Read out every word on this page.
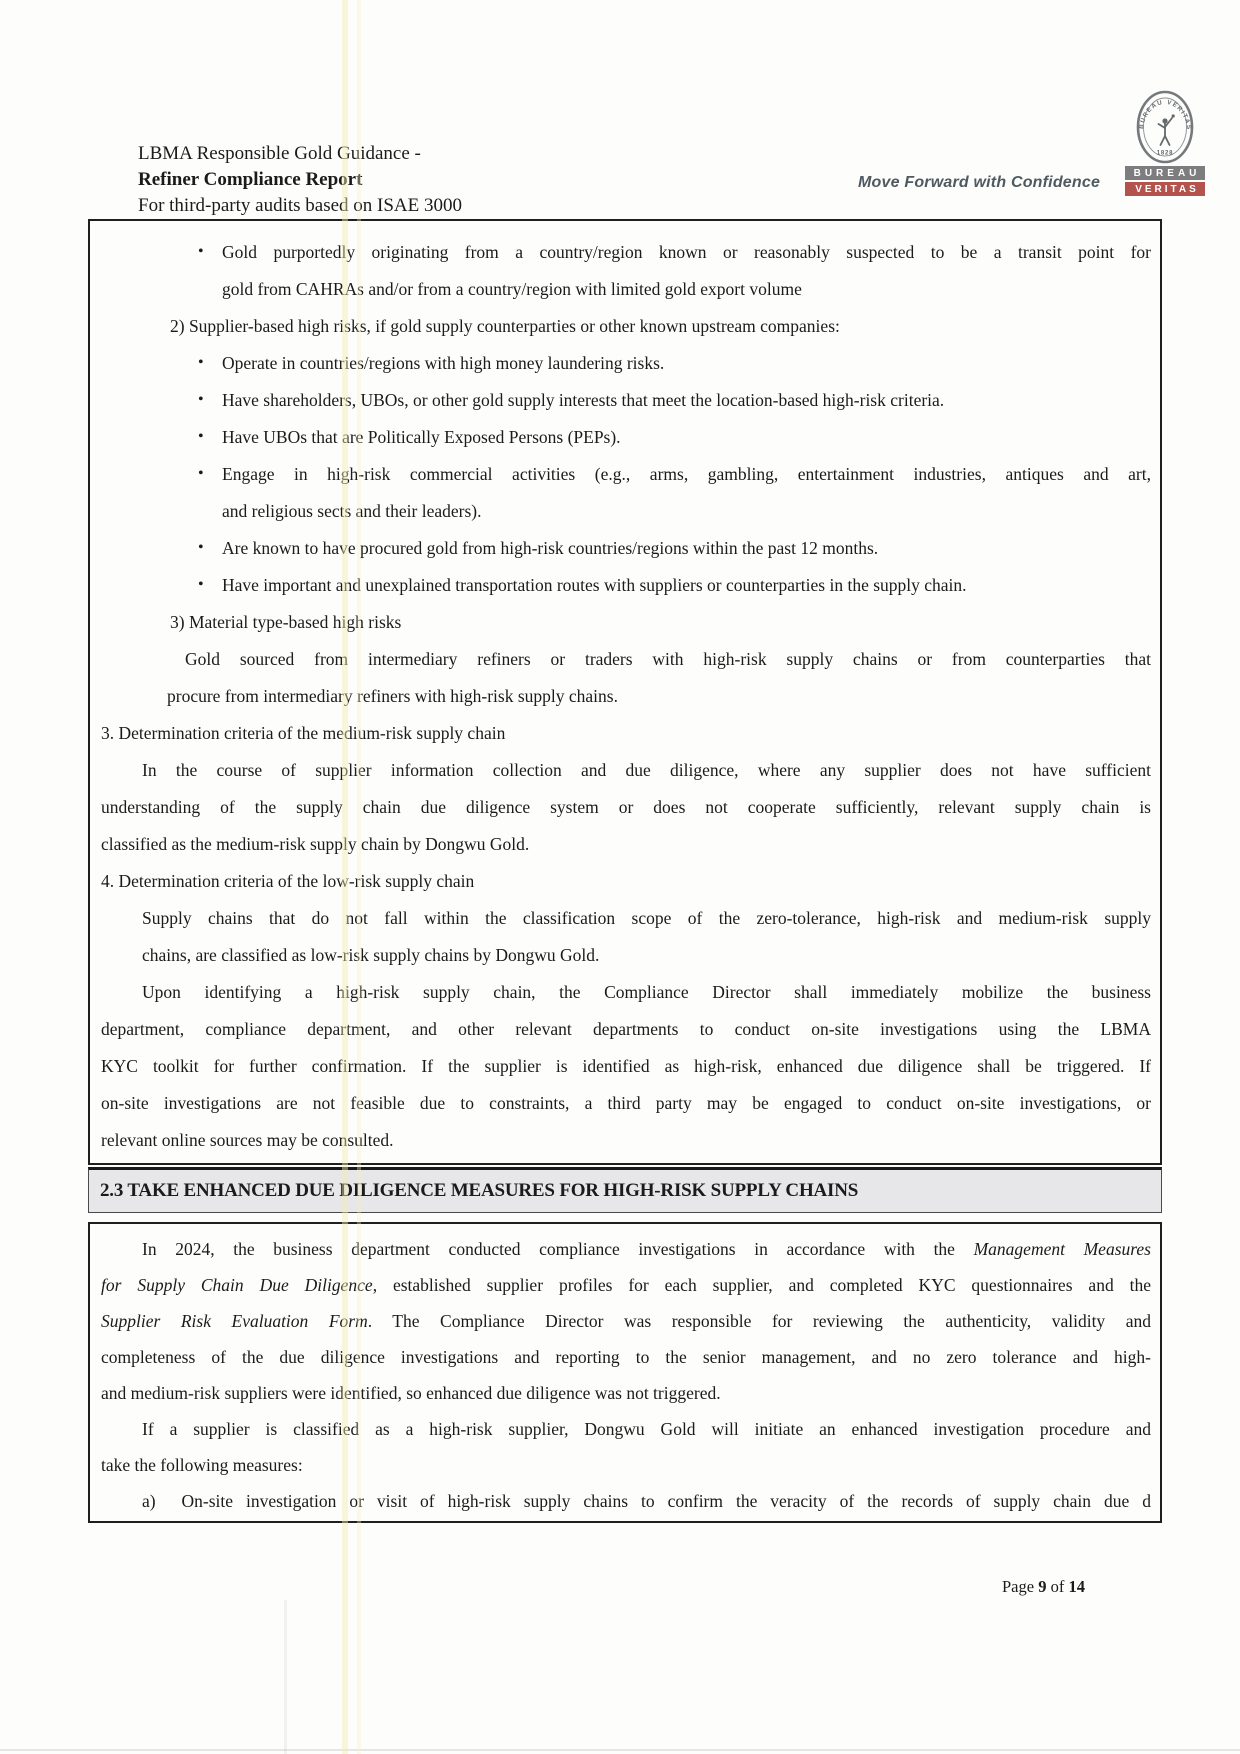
LBMA Responsible Gold Guidance -
Refiner Compliance Report
For third-party audits based on ISAE 3000
Move Forward with Confidence
BUREAU VERITAS
1828
BUREAU
VERITAS
• Gold purportedly originating from a country/region known or reasonably suspected to be a transit point for
gold from CAHRAs and/or from a country/region with limited gold export volume
2) Supplier-based high risks, if gold supply counterparties or other known upstream companies:
• Operate in countries/regions with high money laundering risks.
• Have shareholders, UBOs, or other gold supply interests that meet the location-based high-risk criteria.
• Have UBOs that are Politically Exposed Persons (PEPs).
• Engage in high-risk commercial activities (e.g., arms, gambling, entertainment industries, antiques and art,
and religious sects and their leaders).
• Are known to have procured gold from high-risk countries/regions within the past 12 months.
• Have important and unexplained transportation routes with suppliers or counterparties in the supply chain.
3) Material type-based high risks
Gold sourced from intermediary refiners or traders with high-risk supply chains or from counterparties that
procure from intermediary refiners with high-risk supply chains.
3. Determination criteria of the medium-risk supply chain
In the course of supplier information collection and due diligence, where any supplier does not have sufficient
understanding of the supply chain due diligence system or does not cooperate sufficiently, relevant supply chain is
classified as the medium-risk supply chain by Dongwu Gold.
4. Determination criteria of the low-risk supply chain
Supply chains that do not fall within the classification scope of the zero-tolerance, high-risk and medium-risk supply
chains, are classified as low-risk supply chains by Dongwu Gold.
Upon identifying a high-risk supply chain, the Compliance Director shall immediately mobilize the business
department, compliance department, and other relevant departments to conduct on-site investigations using the LBMA
KYC toolkit for further confirmation. If the supplier is identified as high-risk, enhanced due diligence shall be triggered. If
on-site investigations are not feasible due to constraints, a third party may be engaged to conduct on-site investigations, or
relevant online sources may be consulted.
2.3 TAKE ENHANCED DUE DILIGENCE MEASURES FOR HIGH-RISK SUPPLY CHAINS
In 2024, the business department conducted compliance investigations in accordance with the Management Measures
for Supply Chain Due Diligence, established supplier profiles for each supplier, and completed KYC questionnaires and the
Supplier Risk Evaluation Form. The Compliance Director was responsible for reviewing the authenticity, validity and
completeness of the due diligence investigations and reporting to the senior management, and no zero tolerance and high-
and medium-risk suppliers were identified, so enhanced due diligence was not triggered.
If a supplier is classified as a high-risk supplier, Dongwu Gold will initiate an enhanced investigation procedure and
take the following measures:
a)  On-site investigation or visit of high-risk supply chains to confirm the veracity of the records of supply chain due d
Page 9 of 14
